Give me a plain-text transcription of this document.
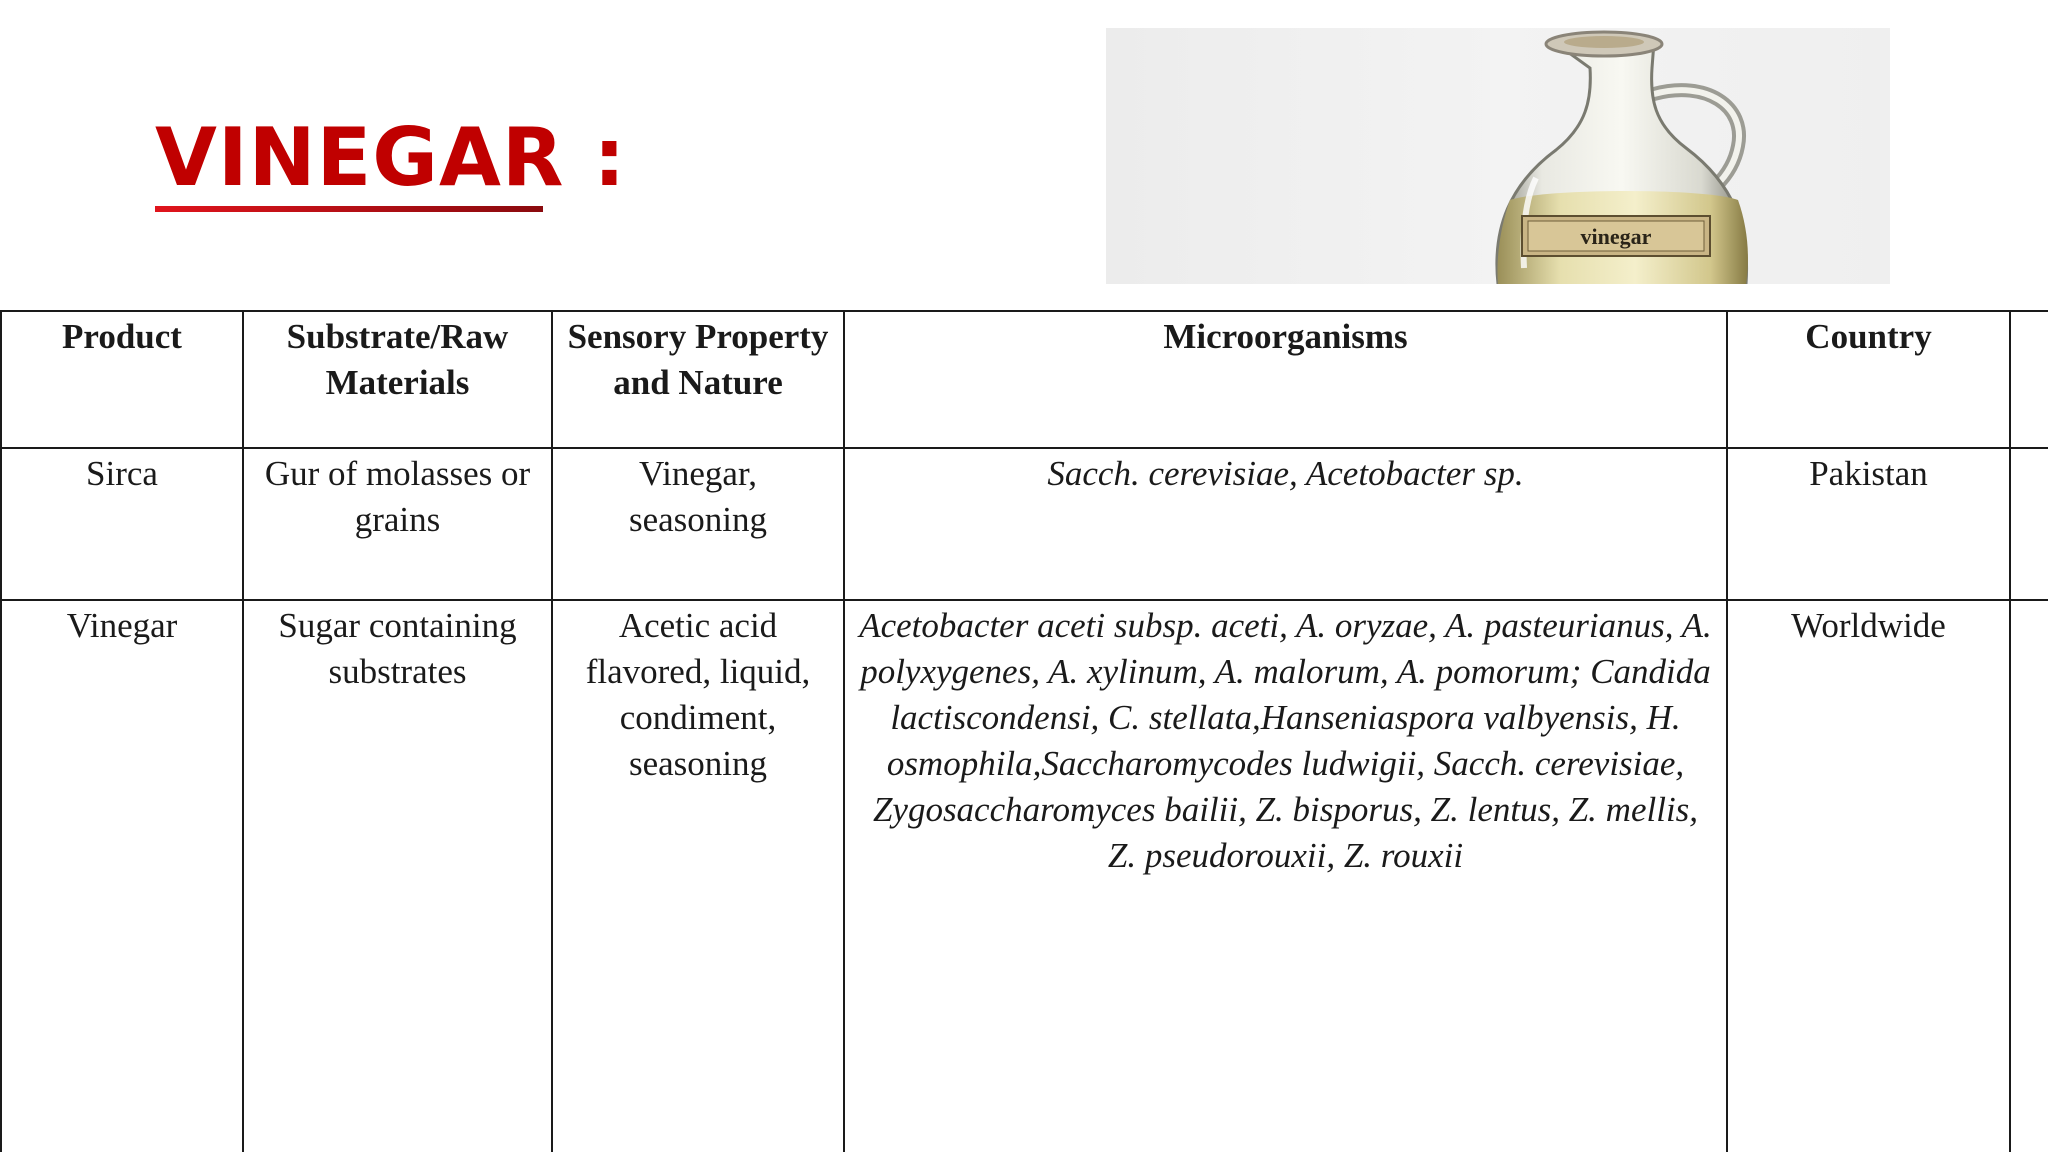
VINEGAR :
vinegar
Product	Substrate/Raw Materials	Sensory Property and Nature	Microorganisms	Country	
Sirca	Gur of molasses or grains	Vinegar, seasoning	Sacch. cerevisiae, Acetobacter sp.	Pakistan	
Vinegar	Sugar containing substrates	Acetic acid flavored, liquid, condiment, seasoning	Acetobacter aceti subsp. aceti, A. oryzae, A. pasteurianus, A. polyxygenes, A. xylinum, A. malorum, A. pomorum; Candida lactiscondensi, C. stellata,Hanseniaspora valbyensis, H. osmophila,Saccharomycodes ludwigii, Sacch. cerevisiae, Zygosaccharomyces bailii, Z. bisporus, Z. lentus, Z. mellis, Z. pseudorouxii, Z. rouxii	Worldwide	
